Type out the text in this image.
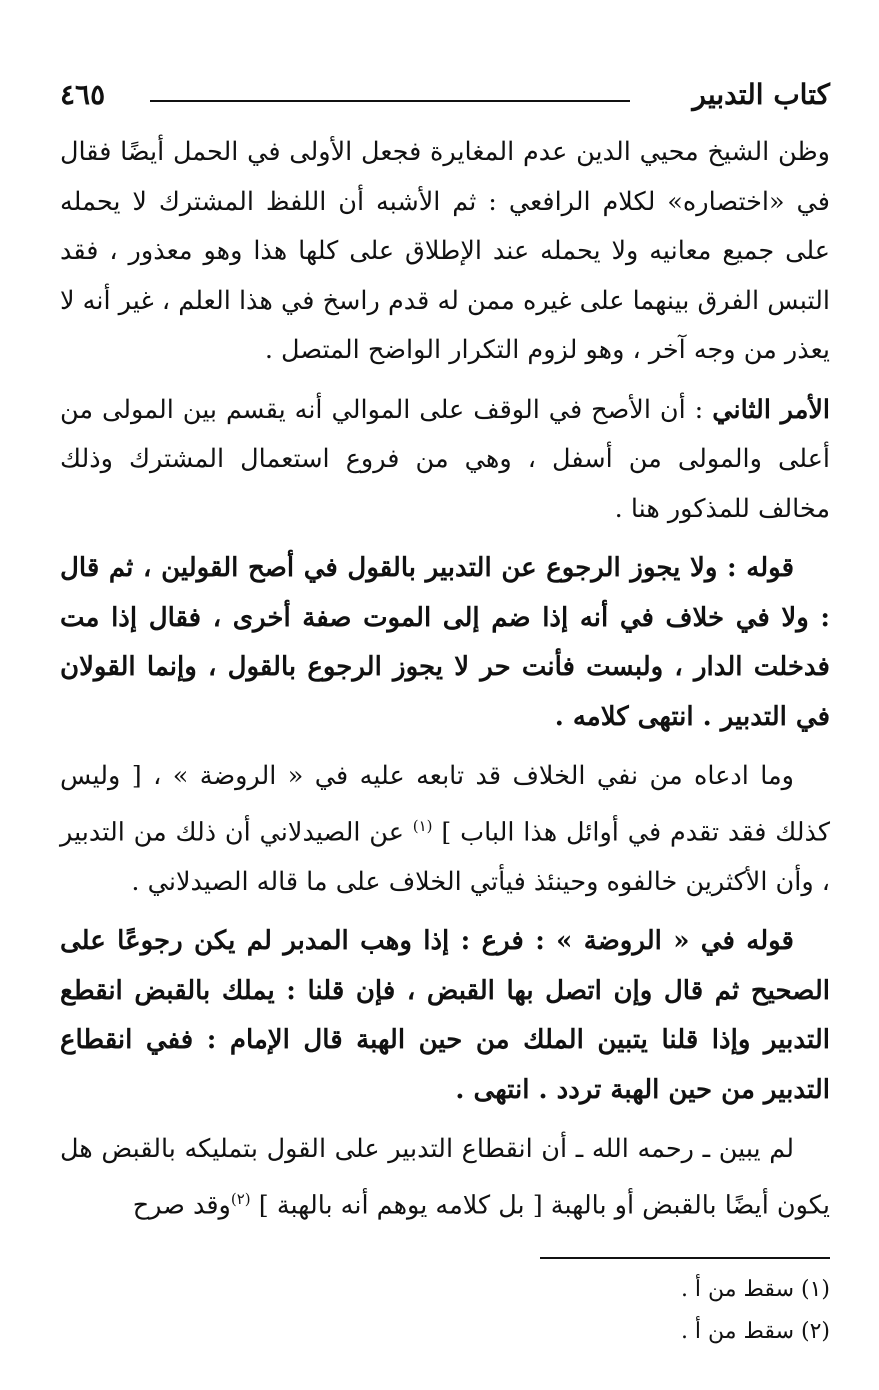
كتاب التدبير
٤٦٥

وظن الشيخ محيي الدين عدم المغايرة فجعل الأولى في الحمل أيضًا فقال في «اختصاره» لكلام الرافعي : ثم الأشبه أن اللفظ المشترك لا يحمله على جميع معانيه ولا يحمله عند الإطلاق على كلها هذا وهو معذور ، فقد التبس الفرق بينهما على غيره ممن له قدم راسخ في هذا العلم ، غير أنه لا يعذر من وجه آخر ، وهو لزوم التكرار الواضح المتصل .

الأمر الثاني : أن الأصح في الوقف على الموالي أنه يقسم بين المولى من أعلى والمولى من أسفل ، وهي من فروع استعمال المشترك وذلك مخالف للمذكور هنا .

قوله : ولا يجوز الرجوع عن التدبير بالقول في أصح القولين ، ثم قال : ولا في خلاف في أنه إذا ضم إلى الموت صفة أخرى ، فقال إذا مت فدخلت الدار ، ولبست فأنت حر لا يجوز الرجوع بالقول ، وإنما القولان في التدبير . انتهى كلامه .

وما ادعاه من نفي الخلاف قد تابعه عليه في « الروضة » ، [ وليس كذلك فقد تقدم في أوائل هذا الباب ] $^{(١)}$ عن الصيدلاني أن ذلك من التدبير ، وأن الأكثرين خالفوه وحينئذ فيأتي الخلاف على ما قاله الصيدلاني .

قوله في « الروضة » : فرع : إذا وهب المدبر لم يكن رجوعًا على الصحيح ثم قال وإن اتصل بها القبض ، فإن قلنا : يملك بالقبض انقطع التدبير وإذا قلنا يتبين الملك من حين الهبة قال الإمام : ففي انقطاع التدبير من حين الهبة تردد . انتهى .

لم يبين ـ رحمه الله ـ أن انقطاع التدبير على القول بتمليكه بالقبض هل يكون أيضًا بالقبض أو بالهبة [ بل كلامه يوهم أنه بالهبة ] $^{(٢)}$وقد صرح

(١) سقط من أ .

(٢) سقط من أ .
